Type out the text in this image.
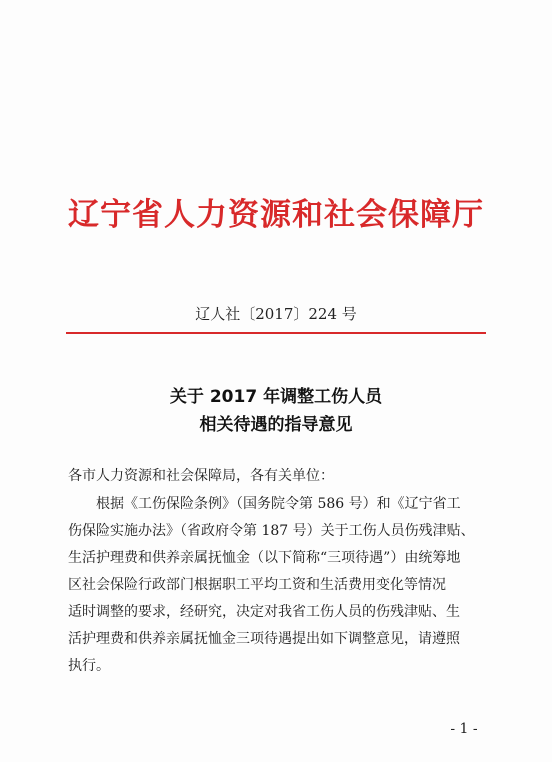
辽宁省人力资源和社会保障厅
辽人社〔2017〕224 号
关于 2017 年调整工伤人员
相关待遇的指导意见
各市人力资源和社会保障局，各有关单位：
根据《工伤保险条例》（国务院令第 586 号）和《辽宁省工
伤保险实施办法》（省政府令第 187 号）关于工伤人员伤残津贴、
生活护理费和供养亲属抚恤金（以下简称“三项待遇”）由统筹地
区社会保险行政部门根据职工平均工资和生活费用变化等情况
适时调整的要求，经研究，决定对我省工伤人员的伤残津贴、生
活护理费和供养亲属抚恤金三项待遇提出如下调整意见，请遵照
执行。
- 1 -
